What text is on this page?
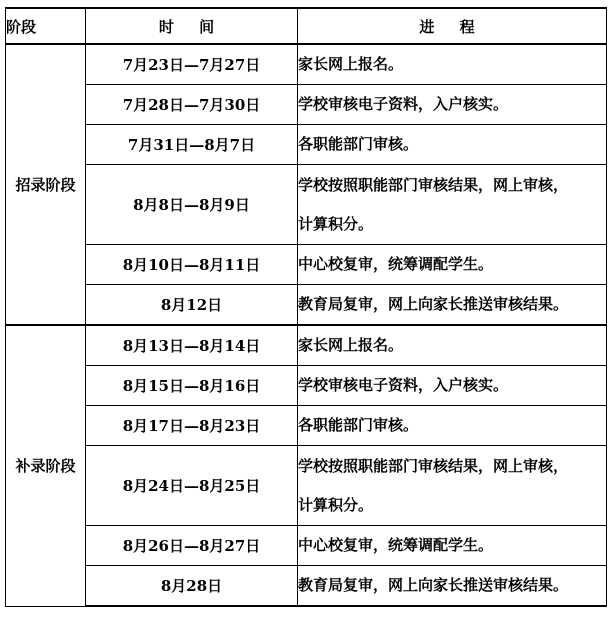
阶段	时 间	进 程
招录阶段	7月23日—7月27日	家长网上报名。
	7月28日—7月30日	学校审核电子资料，入户核实。
	7月31日—8月7日	各职能部门审核。
	8月8日—8月9日	学校按照职能部门审核结果，网上审核，
计算积分。
	8月10日—8月11日	中心校复审，统筹调配学生。
	8月12日	教育局复审，网上向家长推送审核结果。
补录阶段	8月13日—8月14日	家长网上报名。
	8月15日—8月16日	学校审核电子资料，入户核实。
	8月17日—8月23日	各职能部门审核。
	8月24日—8月25日	学校按照职能部门审核结果，网上审核，
计算积分。
	8月26日—8月27日	中心校复审，统筹调配学生。
	8月28日	教育局复审，网上向家长推送审核结果。
